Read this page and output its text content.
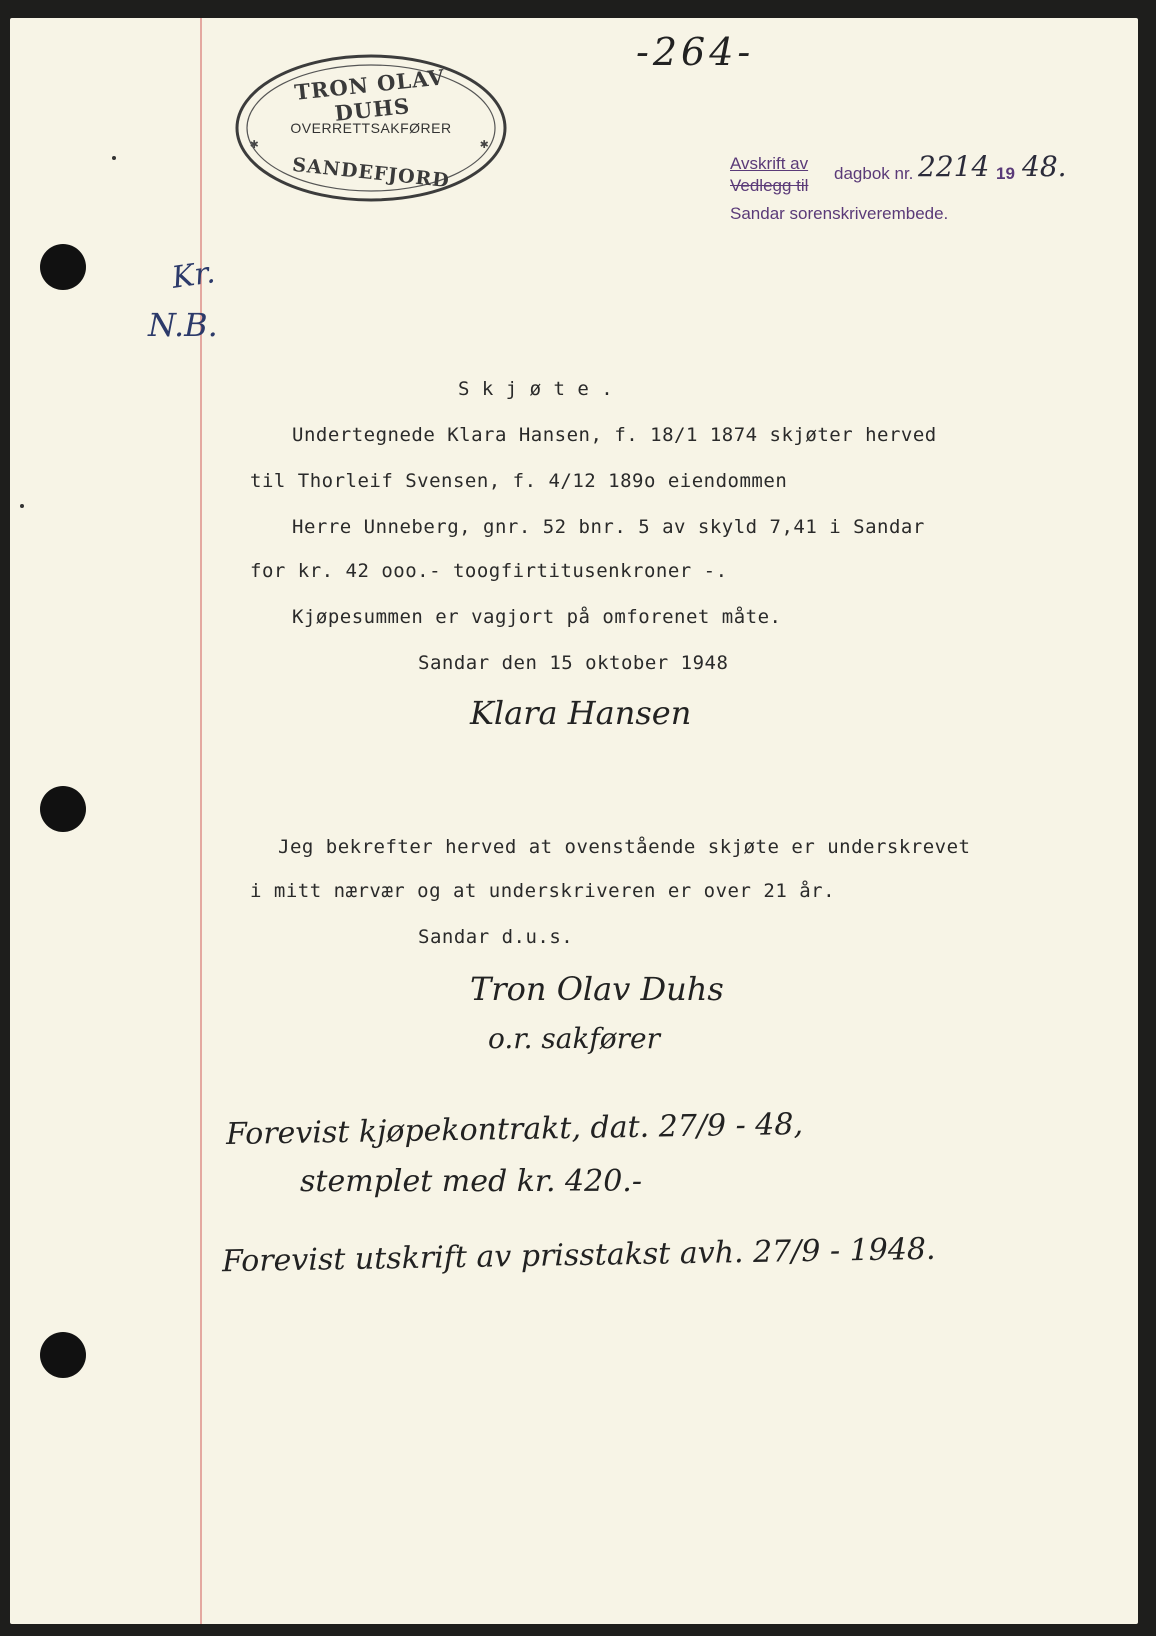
-264-
✱	✱
TRON OLAV DUHS
OVERRETTSAKFØRER
SANDEFJORD	Avskrift av
Vedlegg til
dagbok nr. 2214 19 48.
Sandar sorenskriverembede.
Kr.
N.B.
S k j ø t e .
Undertegnede Klara Hansen, f. 18/1 1874 skjøter herved
til Thorleif Svensen, f. 4/12 189o eiendommen
Herre Unneberg, gnr. 52 bnr. 5 av skyld 7,41 i Sandar
for kr. 42 ooo.- toogfirtitusenkroner -.
Kjøpesummen er vagjort på omforenet måte.
Sandar den 15 oktober 1948
Klara Hansen
Jeg bekrefter herved at ovenstående skjøte er underskrevet
i mitt nærvær og at underskriveren er over 21 år.
Sandar d.u.s.
Tron Olav Duhs
o.r. sakfører
Forevist kjøpekontrakt, dat. 27/9 - 48,
stemplet med kr. 420.-
Forevist utskrift av prisstakst avh. 27/9 - 1948.
